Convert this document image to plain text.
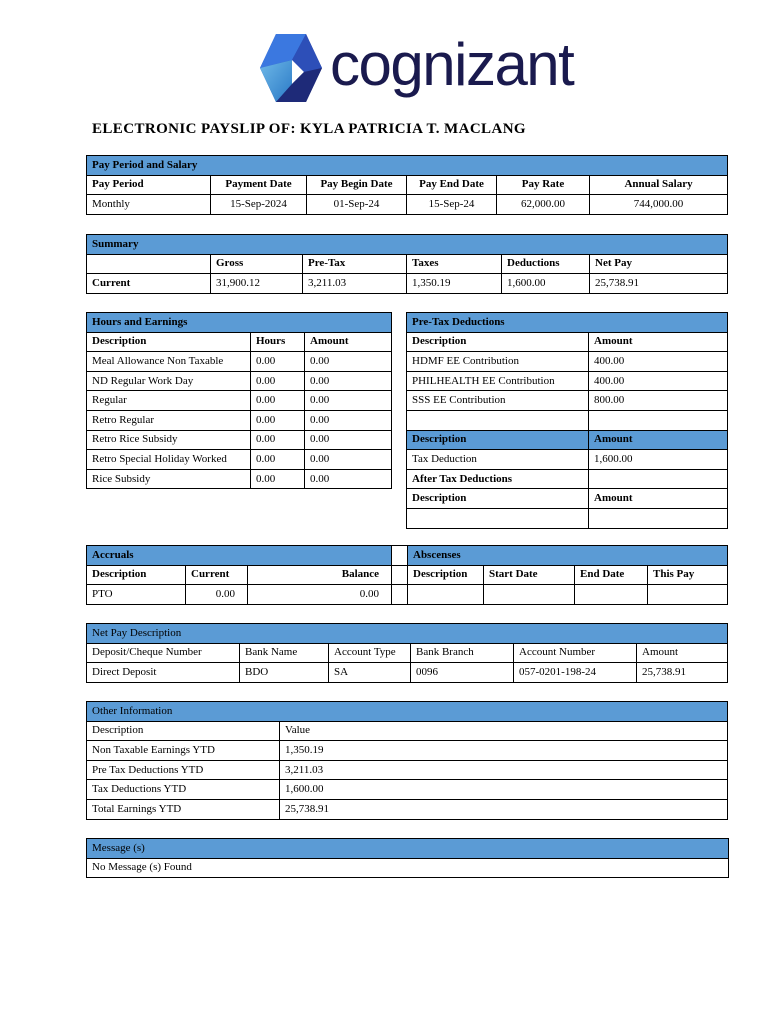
cognizant
ELECTRONIC PAYSLIP OF: KYLA PATRICIA T. MACLANG
Pay Period and Salary					
Pay Period	Payment Date	Pay Begin Date	Pay End Date	Pay Rate	Annual Salary
Monthly	15-Sep-2024	01-Sep-24	15-Sep-24	62,000.00	744,000.00
Summary					
	Gross	Pre-Tax	Taxes	Deductions	Net Pay
Current	31,900.12	3,211.03	1,350.19	1,600.00	25,738.91
Hours and Earnings		
Description	Hours	Amount
Meal Allowance Non Taxable	0.00	0.00
ND Regular Work Day	0.00	0.00
Regular	0.00	0.00
Retro Regular	0.00	0.00
Retro Rice Subsidy	0.00	0.00
Retro Special Holiday Worked	0.00	0.00
Rice Subsidy	0.00	0.00
Pre-Tax Deductions	
Description	Amount
HDMF EE Contribution	400.00
PHILHEALTH EE Contribution	400.00
SSS EE Contribution	800.00

Description	Amount
Tax Deduction	1,600.00
After Tax Deductions	
Description	Amount

Accruals		
Description	Current	Balance
PTO	0.00	0.00

Abscenses			
Description	Start Date	End Date	This Pay

Net Pay Description					
Deposit/Cheque Number	Bank Name	Account Type	Bank Branch	Account Number	Amount
Direct Deposit	BDO	SA	0096	057-0201-198-24	25,738.91
Other Information	
Description	Value
Non Taxable Earnings YTD	1,350.19
Pre Tax Deductions YTD	3,211.03
Tax Deductions YTD	1,600.00
Total Earnings YTD	25,738.91
Message (s)
No Message (s) Found
